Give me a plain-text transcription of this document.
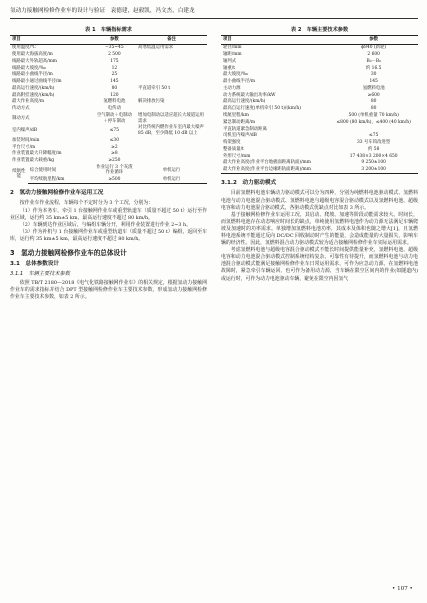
氢动力接触网检修作业车的设计与验证　袁德建，赵毅凯，冯文杰，白建龙
表 1　车辆指标需求
项目		参数	备注
使用温度/℃		−35~45	高寒低温运用需求
使用最大海拔高度/m		2 500	
线路最大外轨超高/mm		175	
线路最大坡度/‰		12	
线路最小曲线半径/m		25	
线路最小通过曲线半径/m		145	
最高运行速度/(km/h)		80	平直道牵引 50 t
最高附挂速度/(km/h)		120	
最大作业高度/m		氢燃料电池	解决排放污染
传动方式		电传动	
制动方式		空气制动＋电制动＋停车制动	增加电制动以适应超长大坡道运用需求
室内噪声/dB		≤75	对比传统内燃作业车室内最大噪声 85 dB，至少降低 10 dB 以上
加装时间/min		≤30	
平台尺寸/m		≥2	
作业装置最大升降幅度/m		≥8	
作业装置最大载重/kg		≥250	
续航性能	综合使用时间	作业运行 3 个灰渣作业循环	单机运行
	平均续航里程/km	≥500	单机运行
2　氢动力接触网检修作业车运用工况

按作业车作业流程，车辆每个不定时分为 3 个工况，分别为：

（1）作为本务车，牵引 1 台接触网作业车或重型轨道车（质量不超过 50 t）运行至作业区域，运行约 35 km±5 km，最高运行速度不超过 80 km/h。

（2）车辆到达作业区域后，与编组车辆分开，利用作业装置进行作业 2~3 h。

（3）作为补机与 1 台接触网作业车或重型轨道车（质量不超过 50 t）编组，返回至车库，运行约 35 km±5 km，最高运行速度不超过 80 km/h。

3　氢动力接触网检修作业车的总体设计
3.1　总体参数设计
3.1.1　车辆主要技术参数

依照 TB/T 2180—2018《电气化铁路接触网作业车》的相关规定，根据氢动力接触网作业车的需求指标并结合 DPT 型接触网检修作业车主要技术参数，形成氢动力接触网检修作业车主要技术参数，如表 2 所示。

表 2　车辆主要技术参数
项目	参数
轮径/mm	ϕ840 (新轮)
轴距/mm	2 600
轴列式	B₀－B₀
轴重/t	约 16.5
最大坡度/‰	30
最小曲线半径/m	145
主动力源	氢燃料电池
动力系统最大输出功率/kW	≥600
最高运行速度/(km/h)	80
最高自运行速度(单机牵引 50 t)/(km/h)	80
续航里程/km	500 (单机重量 70 km/h)
紧急制动距离/m	≤800 (80 km/h)，≤400 (40 km/h)
平直轨道紧急制动距离	
司机室内噪声/dB	≤75
构架强度	33 号车钩改进型
整备质量/t	约 58
外形尺寸/mm	17 438×3 200×4 650
最大作业高度(作业平台地板面距离轨面)/mm	9 250±100
最大作业高度(作业平台边缘距轨面距离)/mm	3 200±100
3.1.2　动力驱动模式

目前氢燃料电池车辆动力驱动模式可以分为四种，分别为纯燃料电池驱动模式、氢燃料电池与动力电池混合驱动模式、氢燃料电池与超级电容混合驱动模式以及氢燃料电池、超级电容和动力电池混合驱动模式，各驱动模式优缺点对比如表 3 所示。

基于接触网检修作业车运用工况，其启动、爬坡、加速等阶段动能需求较大、时间长，而氢燃料电池存在动态响应时间长的缺点，单纯使用氢燃料电池作为动力源无法满足车辆爬坡及加速时的功率需求。单独增加氢燃料电池功率，其成本及体积也随之增大[1]，且氢燃料电池系统不能通过反向 DC/DC 回收制动时产生的能量，会造成能量的大量损失，影响车辆的经济性。因此，氢燃料混合动力驱动模式较为适合接触网检修作业车实际运用需求。

考虑氢燃料电池与超级电容混合驱动模式不能长时间提供能量补充，氢燃料电池、超级电容和动力电池混合驱动模式控制系统结构复杂，可靠性有待提升，而氢燃料电池与动力电池混合驱动模式能满足接触网检修作业车日常运用需求，可作为应急动力源，在氢燃料电池故障时，紧急牵引车辆运回，也可作为备用动力源，当车辆在限空区间内的作业(如隧道内)或运行时，可作为动力电池驱动车辆，避免在限空内因氢气

• 107 •
